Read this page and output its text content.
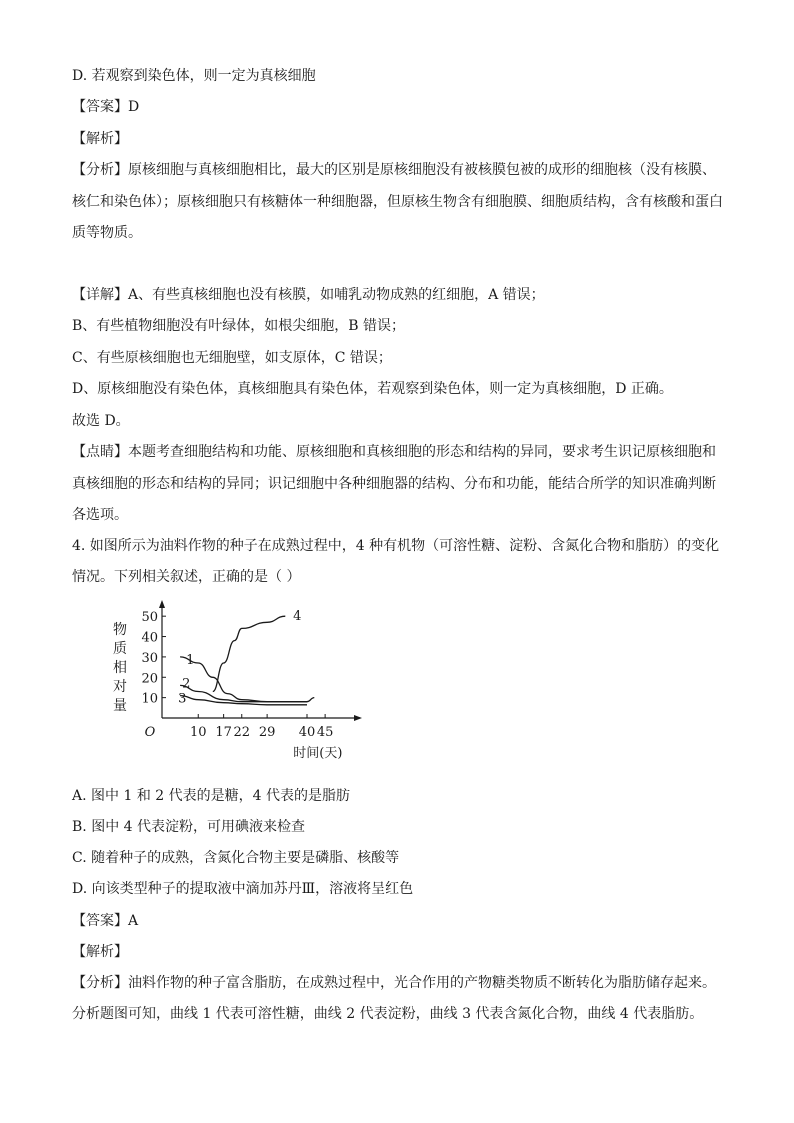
D. 若观察到染色体，则一定为真核细胞
【答案】D
【解析】
【分析】原核细胞与真核细胞相比，最大的区别是原核细胞没有被核膜包被的成形的细胞核（没有核膜、
核仁和染色体）；原核细胞只有核糖体一种细胞器，但原核生物含有细胞膜、细胞质结构，含有核酸和蛋白
质等物质。
【详解】A、有些真核细胞也没有核膜，如哺乳动物成熟的红细胞，A 错误；
B、有些植物细胞没有叶绿体，如根尖细胞，B 错误；
C、有些原核细胞也无细胞壁，如支原体，C 错误；
D、原核细胞没有染色体，真核细胞具有染色体，若观察到染色体，则一定为真核细胞，D 正确。
故选 D。
【点睛】本题考查细胞结构和功能、原核细胞和真核细胞的形态和结构的异同，要求考生识记原核细胞和
真核细胞的形态和结构的异同；识记细胞中各种细胞器的结构、分布和功能，能结合所学的知识准确判断
各选项。
4. 如图所示为油料作物的种子在成熟过程中，4 种有机物（可溶性糖、淀粉、含氮化合物和脂肪）的变化
情况。下列相关叙述，正确的是（ ）
10
20
30
40
50
10 17 22 29 40 45
O
时间(天)
物
质
相
对
量
1
2
3
4
A. 图中 1 和 2 代表的是糖，4 代表的是脂肪
B. 图中 4 代表淀粉，可用碘液来检查
C. 随着种子的成熟，含氮化合物主要是磷脂、核酸等
D. 向该类型种子的提取液中滴加苏丹Ⅲ，溶液将呈红色
【答案】A
【解析】
【分析】油料作物的种子富含脂肪，在成熟过程中，光合作用的产物糖类物质不断转化为脂肪储存起来。
分析题图可知，曲线 1 代表可溶性糖，曲线 2 代表淀粉，曲线 3 代表含氮化合物，曲线 4 代表脂肪。
